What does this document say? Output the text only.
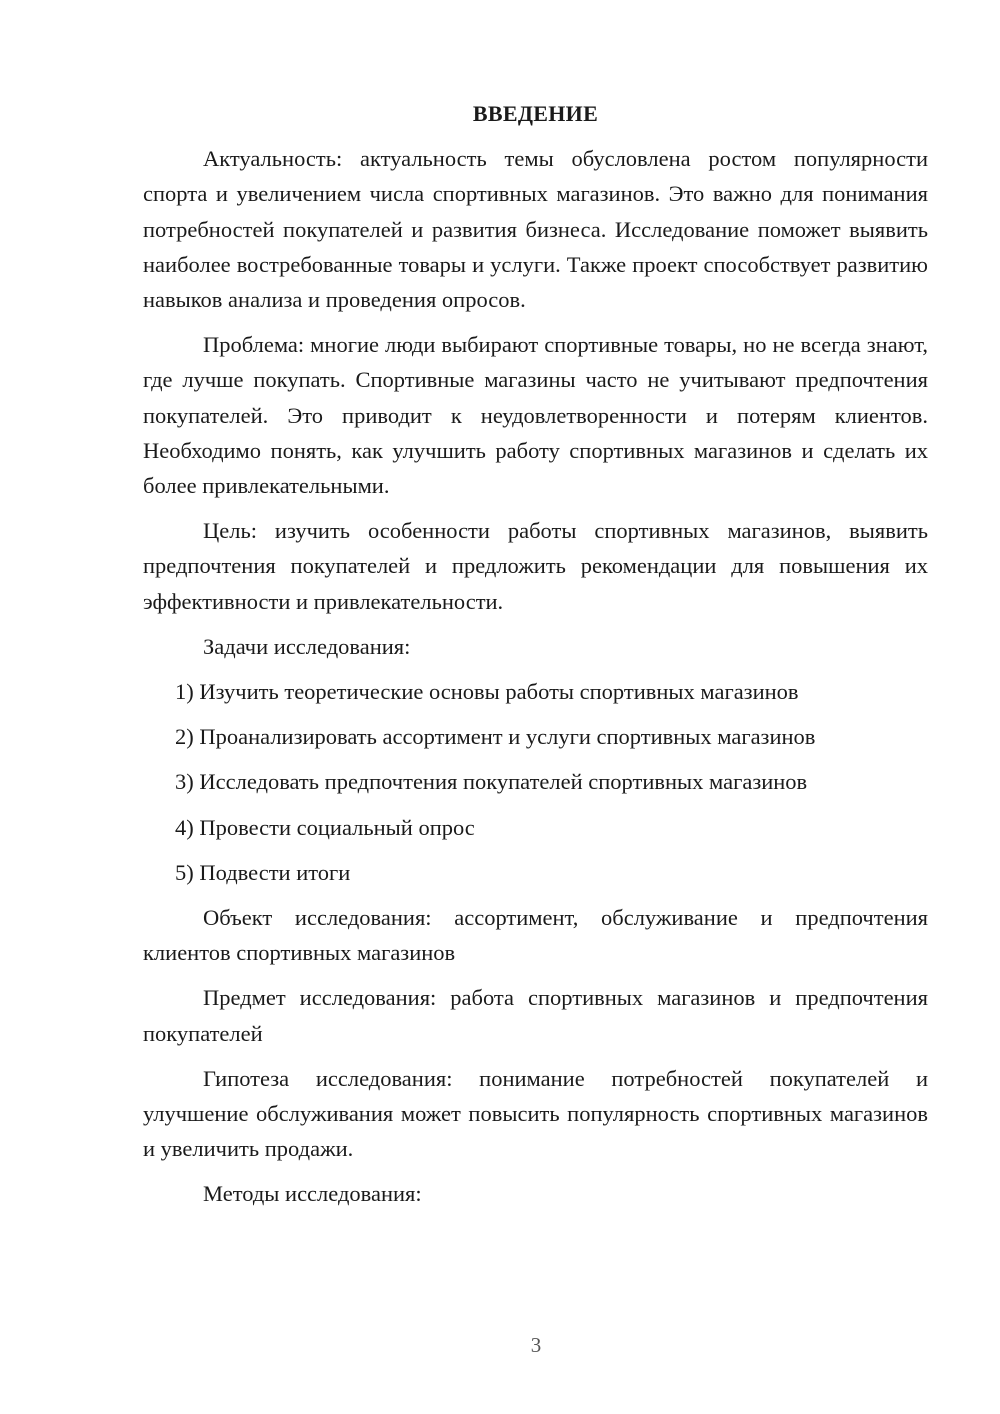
ВВЕДЕНИЕ

Актуальность: актуальность темы обусловлена ростом популярности спорта и увеличением числа спортивных магазинов. Это важно для понимания потребностей покупателей и развития бизнеса. Исследование поможет выявить наиболее востребованные товары и услуги. Также проект способствует развитию навыков анализа и проведения опросов.

Проблема: многие люди выбирают спортивные товары, но не всегда знают, где лучше покупать. Спортивные магазины часто не учитывают предпочтения покупателей. Это приводит к неудовлетворенности и потерям клиентов. Необходимо понять, как улучшить работу спортивных магазинов и сделать их более привлекательными.

Цель: изучить особенности работы спортивных магазинов, выявить предпочтения покупателей и предложить рекомендации для повышения их эффективности и привлекательности.

Задачи исследования:

1) Изучить теоретические основы работы спортивных магазинов

2) Проанализировать ассортимент и услуги спортивных магазинов

3) Исследовать предпочтения покупателей спортивных магазинов

4) Провести социальный опрос

5) Подвести итоги

Объект исследования: ассортимент, обслуживание и предпочтения клиентов спортивных магазинов

Предмет исследования: работа спортивных магазинов и предпочтения покупателей

Гипотеза исследования: понимание потребностей покупателей и улучшение обслуживания может повысить популярность спортивных магазинов и увеличить продажи.

Методы исследования:

3
